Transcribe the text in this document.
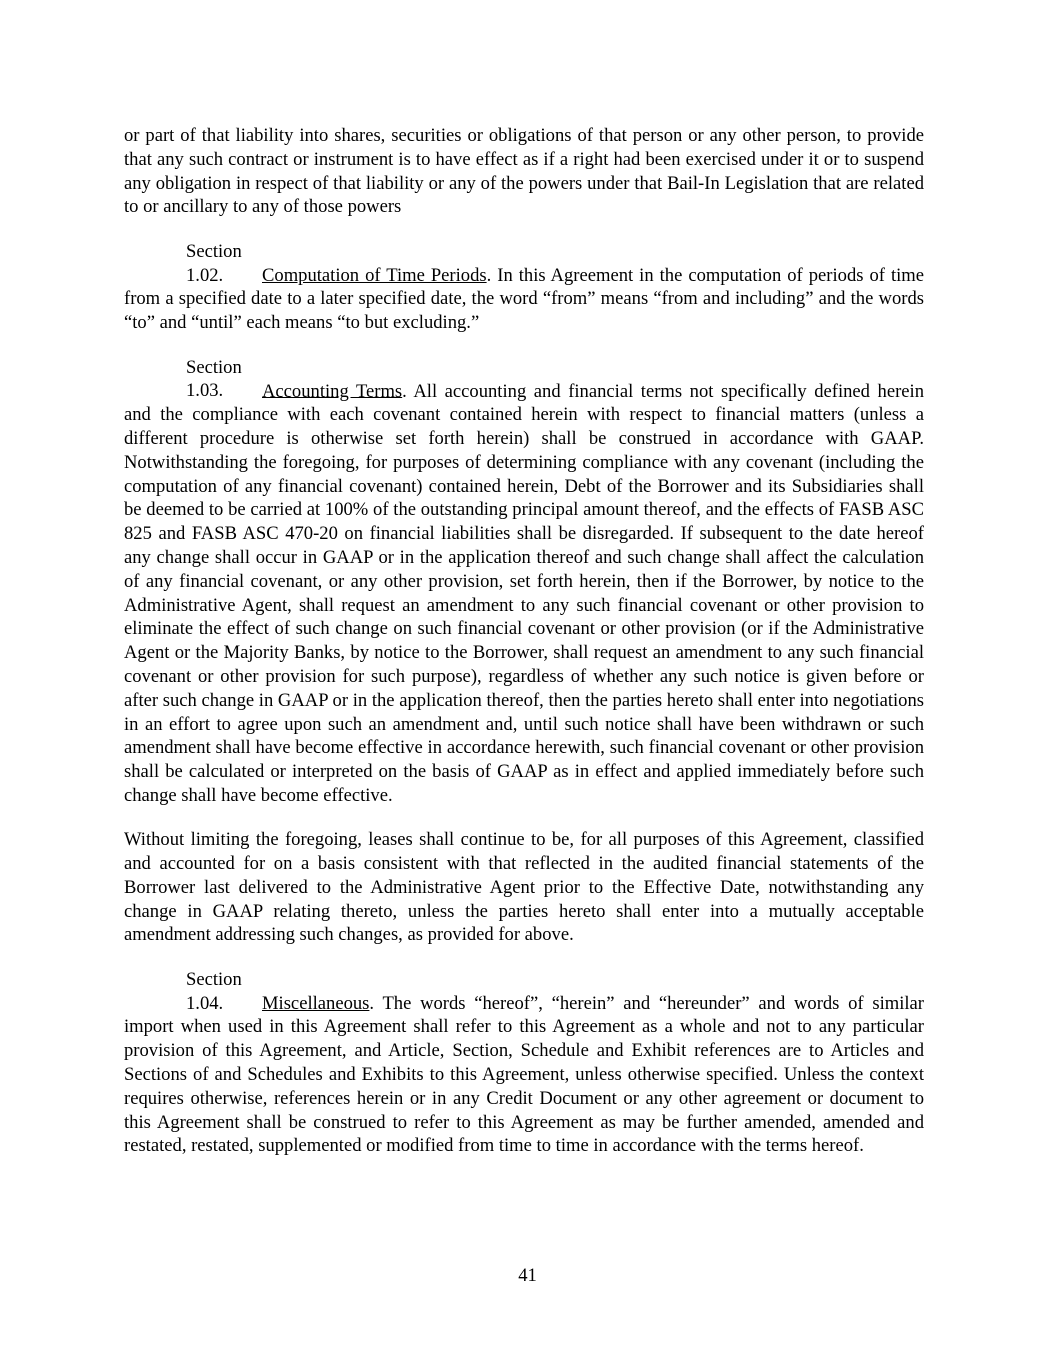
or part of that liability into shares, securities or obligations of that person or any other person, to provide that any such contract or instrument is to have effect as if a right had been exercised under it or to suspend any obligation in respect of that liability or any of the powers under that Bail-In Legislation that are related to or ancillary to any of those powers

Section 1.02. Computation of Time Periods. In this Agreement in the computation of periods of time from a specified date to a later specified date, the word “from” means “from and including” and the words “to” and “until” each means “to but excluding.”

Section 1.03. Accounting Terms. All accounting and financial terms not specifically defined herein and the compliance with each covenant contained herein with respect to financial matters (unless a different procedure is otherwise set forth herein) shall be construed in accordance with GAAP. Notwithstanding the foregoing, for purposes of determining compliance with any covenant (including the computation of any financial covenant) contained herein, Debt of the Borrower and its Subsidiaries shall be deemed to be carried at 100% of the outstanding principal amount thereof, and the effects of FASB ASC 825 and FASB ASC 470-20 on financial liabilities shall be disregarded. If subsequent to the date hereof any change shall occur in GAAP or in the application thereof and such change shall affect the calculation of any financial covenant, or any other provision, set forth herein, then if the Borrower, by notice to the Administrative Agent, shall request an amendment to any such financial covenant or other provision to eliminate the effect of such change on such financial covenant or other provision (or if the Administrative Agent or the Majority Banks, by notice to the Borrower, shall request an amendment to any such financial covenant or other provision for such purpose), regardless of whether any such notice is given before or after such change in GAAP or in the application thereof, then the parties hereto shall enter into negotiations in an effort to agree upon such an amendment and, until such notice shall have been withdrawn or such amendment shall have become effective in accordance herewith, such financial covenant or other provision shall be calculated or interpreted on the basis of GAAP as in effect and applied immediately before such change shall have become effective.

Without limiting the foregoing, leases shall continue to be, for all purposes of this Agreement, classified and accounted for on a basis consistent with that reflected in the audited financial statements of the Borrower last delivered to the Administrative Agent prior to the Effective Date, notwithstanding any change in GAAP relating thereto, unless the parties hereto shall enter into a mutually acceptable amendment addressing such changes, as provided for above.

Section 1.04. Miscellaneous. The words “hereof”, “herein” and “hereunder” and words of similar import when used in this Agreement shall refer to this Agreement as a whole and not to any particular provision of this Agreement, and Article, Section, Schedule and Exhibit references are to Articles and Sections of and Schedules and Exhibits to this Agreement, unless otherwise specified. Unless the context requires otherwise, references herein or in any Credit Document or any other agreement or document to this Agreement shall be construed to refer to this Agreement as may be further amended, amended and restated, restated, supplemented or modified from time to time in accordance with the terms hereof.

41
